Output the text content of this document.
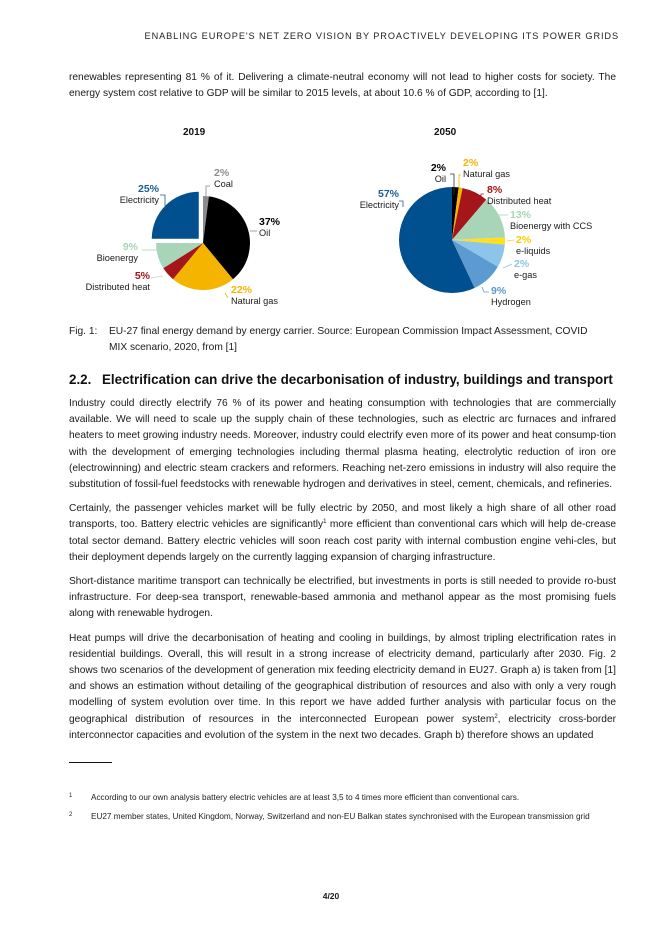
ENABLING EUROPE'S NET ZERO VISION BY PROACTIVELY DEVELOPING ITS POWER GRIDS

renewables representing 81 % of it. Delivering a climate-neutral economy will not lead to higher costs for society. The energy system cost relative to GDP will be similar to 2015 levels, at about 10.6 % of GDP, according to [1].

2019
2%
Coal
37%
Oil
22%
Natural gas
5%
Distributed heat
9%
Bioenergy
25%
Electricity
2050
2%
Oil
2%
Natural gas
8%
Distributed heat
13%
Bioenergy with CCS
2%
e-liquids
2%
e-gas
9%
Hydrogen
57%
Electricity
Fig. 1: EU-27 final energy demand by energy carrier. Source: European Commission Impact Assessment, COVID
MIX scenario, 2020, from [1]
2.2. Electrification can drive the decarbonisation of industry, buildings and transport

Industry could directly electrify 76 % of its power and heating consumption with technologies that are commercially available. We will need to scale up the supply chain of these technologies, such as electric arc furnaces and infrared heaters to meet growing industry needs. Moreover, industry could electrify even more of its power and heat consump-tion with the development of emerging technologies including thermal plasma heating, electrolytic reduction of iron ore (electrowinning) and electric steam crackers and reformers. Reaching net-zero emissions in industry will also require the substitution of fossil-fuel feedstocks with renewable hydrogen and derivatives in steel, cement, chemicals, and refineries.

Certainly, the passenger vehicles market will be fully electric by 2050, and most likely a high share of all other road transports, too. Battery electric vehicles are significantly$^1$ more efficient than conventional cars which will help de-crease total sector demand. Battery electric vehicles will soon reach cost parity with internal combustion engine vehi-cles, but their deployment depends largely on the currently lagging expansion of charging infrastructure.

Short-distance maritime transport can technically be electrified, but investments in ports is still needed to provide ro-bust infrastructure. For deep-sea transport, renewable-based ammonia and methanol appear as the most promising fuels along with renewable hydrogen.

Heat pumps will drive the decarbonisation of heating and cooling in buildings, by almost tripling electrification rates in residential buildings. Overall, this will result in a strong increase of electricity demand, particularly after 2030. Fig. 2 shows two scenarios of the development of generation mix feeding electricity demand in EU27. Graph a) is taken from [1] and shows an estimation without detailing of the geographical distribution of resources and also with only a very rough modelling of system evolution over time. In this report we have added further analysis with particular focus on the geographical distribution of resources in the interconnected European power system$^2$, electricity cross-border interconnector capacities and evolution of the system in the next two decades. Graph b) therefore shows an updated

1 According to our own analysis battery electric vehicles are at least 3,5 to 4 times more efficient than conventional cars.
2 EU27 member states, United Kingdom, Norway, Switzerland and non-EU Balkan states synchronised with the European transmission grid
4/20
